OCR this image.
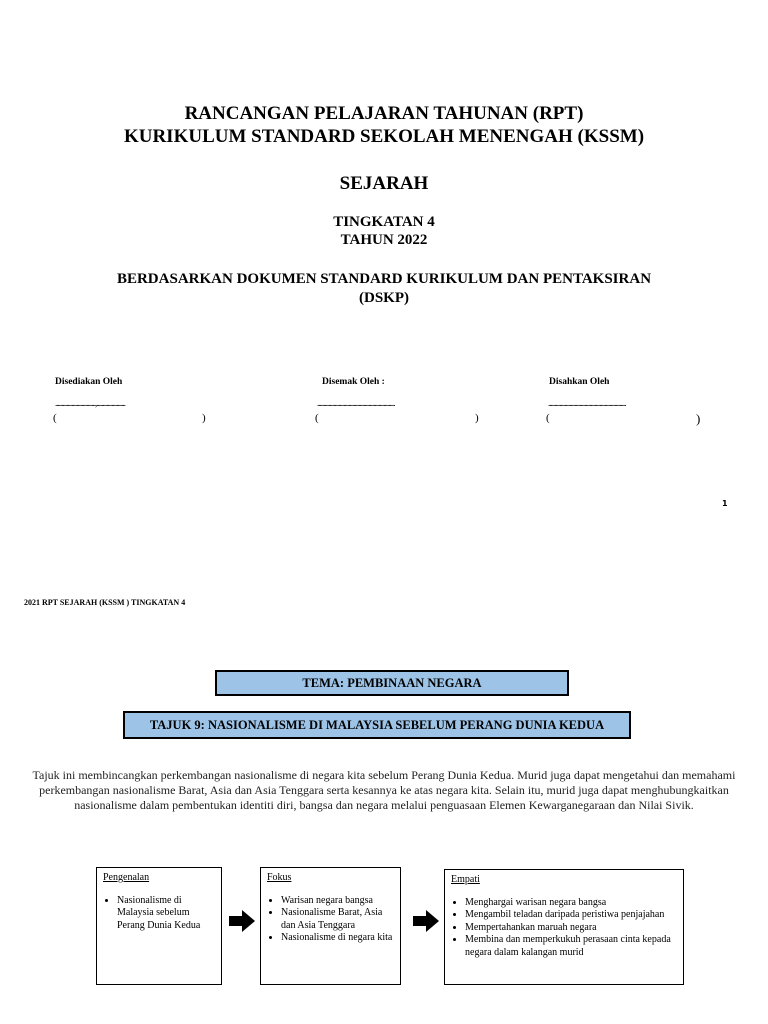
RANCANGAN PELAJARAN TAHUNAN (RPT)
KURIKULUM STANDARD SEKOLAH MENENGAH (KSSM)
SEJARAH
TINGKATAN 4
TAHUN 2022
BERDASARKAN DOKUMEN STANDARD KURIKULUM DAN PENTAKSIRAN
(DSKP)
Disediakan Oleh
................................,.......................
(	)
Disemak Oleh :
..............................................................
(	)
Disahkan Oleh
..............................................................
(	)
1
2021 RPT SEJARAH (KSSM ) TINGKATAN 4
TEMA: PEMBINAAN NEGARA
TAJUK 9: NASIONALISME DI MALAYSIA SEBELUM PERANG DUNIA KEDUA
Tajuk ini membincangkan perkembangan nasionalisme di negara kita sebelum Perang Dunia Kedua. Murid juga dapat mengetahui dan memahami perkembangan nasionalisme Barat, Asia dan Asia Tenggara serta kesannya ke atas negara kita. Selain itu, murid juga dapat menghubungkaitkan nasionalisme dalam pembentukan identiti diri, bangsa dan negara melalui penguasaan Elemen Kewarganegaraan dan Nilai Sivik.
Pengenalan
• Nasionalisme di Malaysia sebelum Perang Dunia Kedua
Fokus
• Warisan negara bangsa
• Nasionalisme Barat, Asia dan Asia Tenggara
• Nasionalisme di negara kita
Empati
• Menghargai warisan negara bangsa
• Mengambil teladan daripada peristiwa penjajahan
• Mempertahankan maruah negara
• Membina dan memperkukuh perasaan cinta kepada negara dalam kalangan murid
